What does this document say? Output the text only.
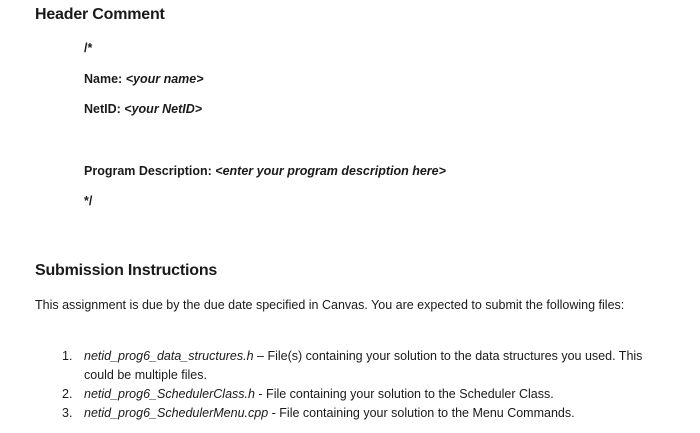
Header Comment
/*
Name: <your name>
NetID: <your NetID>
Program Description: <enter your program description here>
*/
Submission Instructions
This assignment is due by the due date specified in Canvas. You are expected to submit the following files:
1. netid_prog6_data_structures.h – File(s) containing your solution to the data structures you used. This could be multiple files.
2. netid_prog6_SchedulerClass.h - File containing your solution to the Scheduler Class.
3. netid_prog6_SchedulerMenu.cpp - File containing your solution to the Menu Commands.
